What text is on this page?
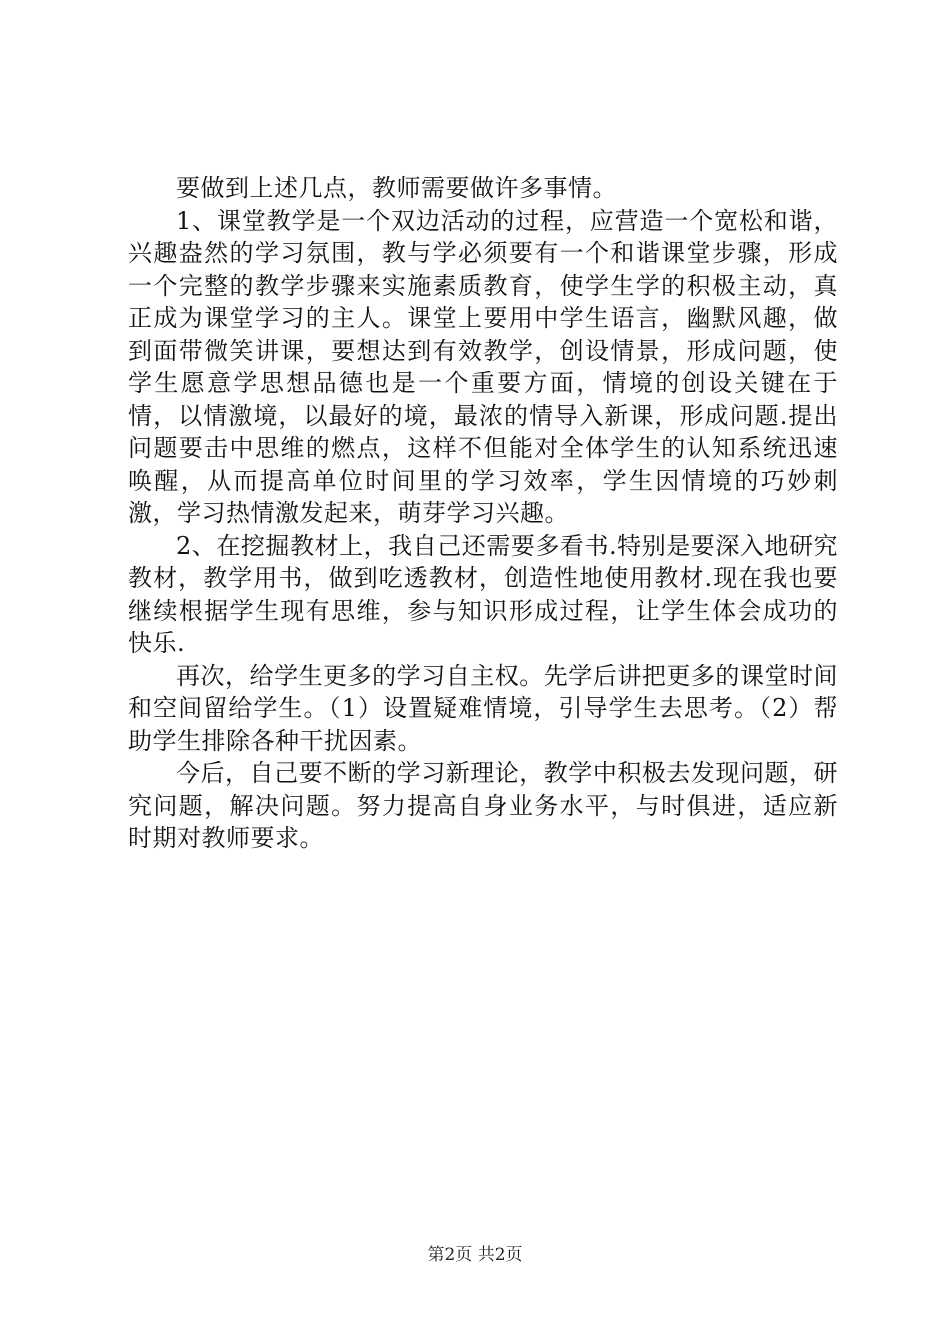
要做到上述几点，教师需要做许多事情。

1、课堂教学是一个双边活动的过程，应营造一个宽松和谐，兴趣盎然的学习氛围，教与学必须要有一个和谐课堂步骤，形成一个完整的教学步骤来实施素质教育，使学生学的积极主动，真正成为课堂学习的主人。课堂上要用中学生语言，幽默风趣，做到面带微笑讲课，要想达到有效教学，创设情景，形成问题，使学生愿意学思想品德也是一个重要方面，情境的创设关键在于情，以情激境，以最好的境，最浓的情导入新课，形成问题.提出问题要击中思维的燃点，这样不但能对全体学生的认知系统迅速唤醒，从而提高单位时间里的学习效率，学生因情境的巧妙刺激，学习热情激发起来，萌芽学习兴趣。

2、在挖掘教材上，我自己还需要多看书.特别是要深入地研究教材，教学用书，做到吃透教材，创造性地使用教材.现在我也要继续根据学生现有思维，参与知识形成过程，让学生体会成功的快乐.

再次，给学生更多的学习自主权。先学后讲把更多的课堂时间和空间留给学生。（1）设置疑难情境，引导学生去思考。（2）帮助学生排除各种干扰因素。

今后，自己要不断的学习新理论，教学中积极去发现问题，研究问题，解决问题。努力提高自身业务水平，与时俱进，适应新时期对教师要求。

第2页 共2页
